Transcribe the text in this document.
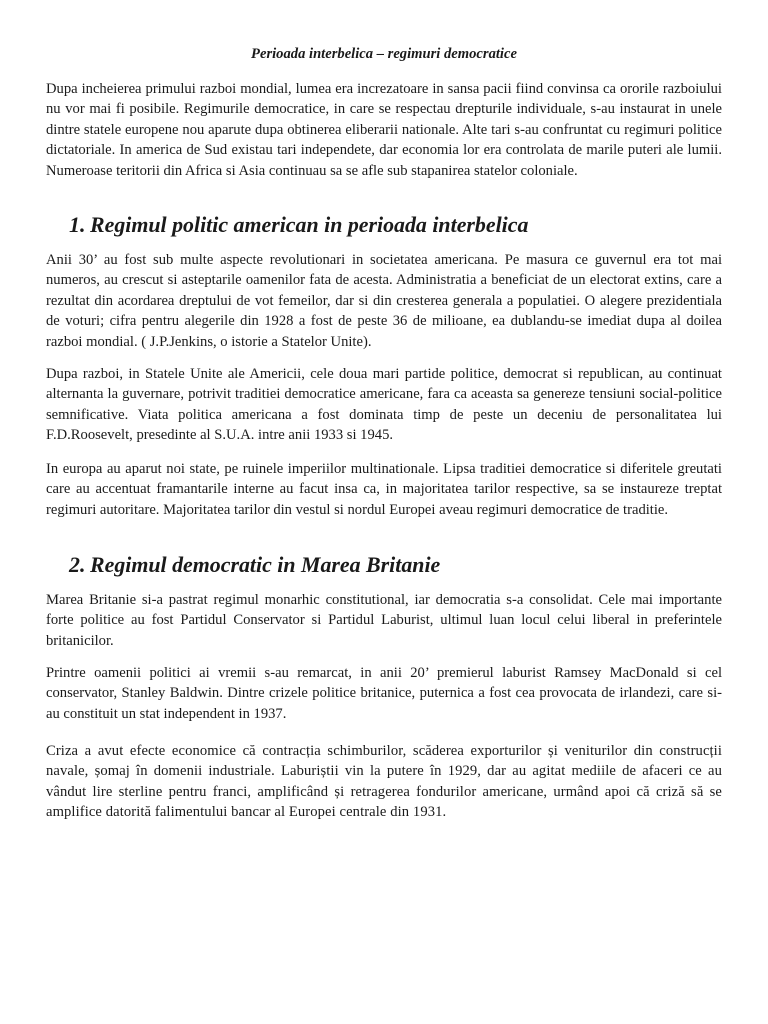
Perioada interbelica – regimuri democratice

Dupa incheierea primului razboi mondial, lumea era increzatoare in sansa pacii fiind convinsa ca ororile razboiului nu vor mai fi posibile. Regimurile democratice, in care se respectau drepturile individuale, s-au instaurat in unele dintre statele europene nou aparute dupa obtinerea eliberarii nationale. Alte tari s-au confruntat cu regimuri politice dictatoriale. In america de Sud existau tari independete, dar economia lor era controlata de marile puteri ale lumii. Numeroase teritorii din Africa si Asia continuau sa se afle sub stapanirea statelor coloniale.

1. Regimul politic american in perioada interbelica

Anii 30’ au fost sub multe aspecte revolutionari in societatea americana. Pe masura ce guvernul era tot mai numeros, au crescut si asteptarile oamenilor fata de acesta. Administratia a beneficiat de un electorat extins, care a rezultat din acordarea dreptului de vot femeilor, dar si din cresterea generala a populatiei. O alegere prezidentiala de voturi; cifra pentru alegerile din 1928 a fost de peste 36 de milioane, ea dublandu-se imediat dupa al doilea razboi mondial. ( J.P.Jenkins, o istorie a Statelor Unite).

Dupa razboi, in Statele Unite ale Americii, cele doua mari partide politice, democrat si republican, au continuat alternanta la guvernare, potrivit traditiei democratice americane, fara ca aceasta sa genereze tensiuni social-politice semnificative. Viata politica americana a fost dominata timp de peste un deceniu de personalitatea lui F.D.Roosevelt, presedinte al S.U.A. intre anii 1933 si 1945.

In europa au aparut noi state, pe ruinele imperiilor multinationale. Lipsa traditiei democratice si diferitele greutati care au accentuat framantarile interne au facut insa ca, in majoritatea tarilor respective, sa se instaureze treptat regimuri autoritare. Majoritatea tarilor din vestul si nordul Europei aveau regimuri democratice de traditie.

2. Regimul democratic in Marea Britanie

Marea Britanie si-a pastrat regimul monarhic constitutional, iar democratia s-a consolidat. Cele mai importante forte politice au fost Partidul Conservator si Partidul Laburist, ultimul luan locul celui liberal in preferintele britanicilor.

Printre oamenii politici ai vremii s-au remarcat, in anii 20’ premierul laburist Ramsey MacDonald si cel conservator, Stanley Baldwin. Dintre crizele politice britanice, puternica a fost cea provocata de irlandezi, care si-au constituit un stat independent in 1937.

Criza a avut efecte economice că contracția schimburilor, scăderea exporturilor și veniturilor din construcții navale, șomaj în domenii industriale. Laburiștii vin la putere în 1929, dar au agitat mediile de afaceri ce au vândut lire sterline pentru franci, amplificând și retragerea fondurilor americane, urmând apoi că criză să se amplifice datorită falimentului bancar al Europei centrale din 1931.
